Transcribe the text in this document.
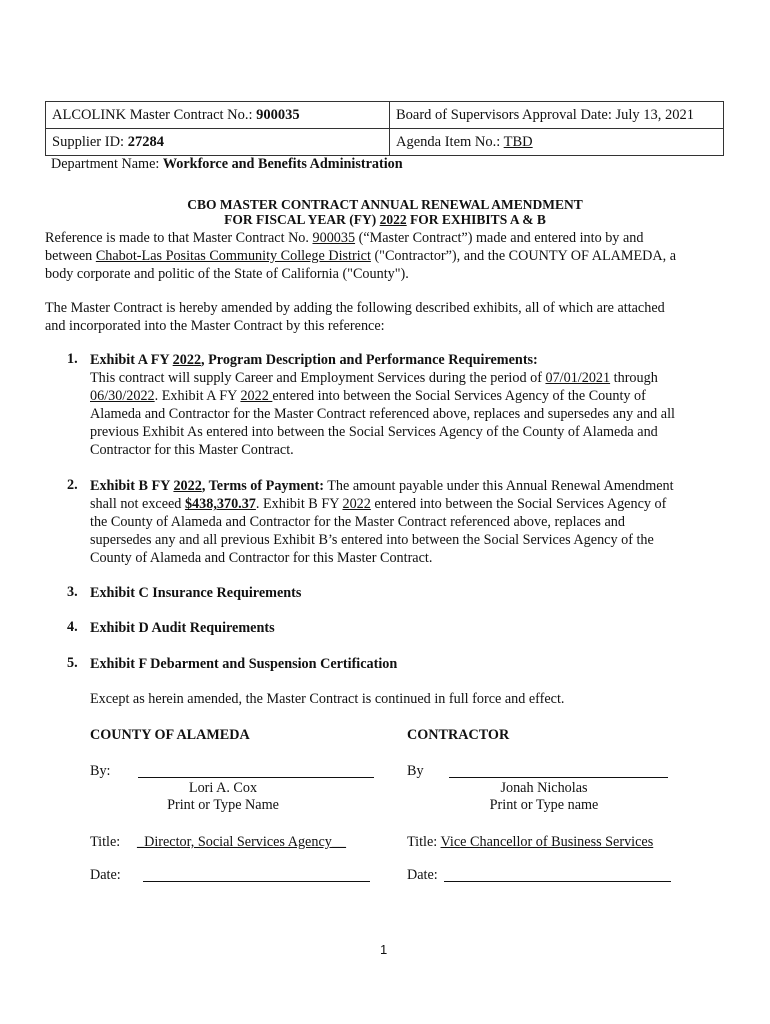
ALCOLINK Master Contract No.: 900035	Board of Supervisors Approval Date: July 13, 2021
Supplier ID: 27284	Agenda Item No.: TBD
Department Name: Workforce and Benefits Administration
CBO MASTER CONTRACT ANNUAL RENEWAL AMENDMENT
FOR FISCAL YEAR (FY) 2022 FOR EXHIBITS A & B
Reference is made to that Master Contract No. 900035 (“Master Contract”) made and entered into by and
between Chabot-Las Positas Community College District ("Contractor”), and the COUNTY OF ALAMEDA, a
body corporate and politic of the State of California ("County").
The Master Contract is hereby amended by adding the following described exhibits, all of which are attached
and incorporated into the Master Contract by this reference:
1. Exhibit A FY 2022, Program Description and Performance Requirements:
This contract will supply Career and Employment Services during the period of 07/01/2021 through
06/30/2022. Exhibit A FY 2022 entered into between the Social Services Agency of the County of
Alameda and Contractor for the Master Contract referenced above, replaces and supersedes any and all
previous Exhibit As entered into between the Social Services Agency of the County of Alameda and
Contractor for this Master Contract.
2. Exhibit B FY 2022, Terms of Payment: The amount payable under this Annual Renewal Amendment
shall not exceed $438,370.37. Exhibit B FY 2022 entered into between the Social Services Agency of
the County of Alameda and Contractor for the Master Contract referenced above, replaces and
supersedes any and all previous Exhibit B’s entered into between the Social Services Agency of the
County of Alameda and Contractor for this Master Contract.
3. Exhibit C Insurance Requirements
4. Exhibit D Audit Requirements
5. Exhibit F Debarment and Suspension Certification
Except as herein amended, the Master Contract is continued in full force and effect.
COUNTY OF ALAMEDA
By:
Lori A. Cox
Print or Type Name
Title: _Director, Social Services Agency__
Date:
CONTRACTOR
By
Jonah Nicholas
Print or Type name
Title: Vice Chancellor of Business Services
Date:
1
